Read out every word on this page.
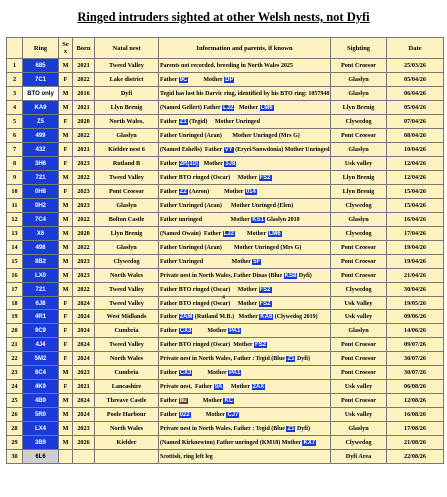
Ringed intruders sighted at other Welsh nests, not Dyfi
	Ring	Se x	Born	Natal nest	Information and parents, if known	Sighting	Date
1	685	M	2021	Tweed Valley	Parents not recorded, breeding in North Wales 2025	Pont Croesor	25/03/26
2	7C1	F	2022	Lake district	Father 9C          Mother DP	Glaslyn	05/04/26
3	BTO only	M	2016	Dyfi	Tegid has lost his Darvic ring, identified by his BTO ring: 1057948	Glaslyn	06/04/26
4	KA9	M	2021	Llyn Brenig	(Named Gellert) Father LJ2   Mother LM6	Llyn Brenig	05/04/26
5	Z5	F	2020	North Wales,	Father Z1 (Tegid)     Mother Unringed	Clywedog	07/04/26
6	499	M	2022	Glaslyn	Father Unringed (Aran)       Mother Unringed (Mrs G)	Pont Croesor	08/04/26
7	432	F	2021	Kielder nest 6	(Named Eshells)  Father VY (Eryri/Snowdonia) Mother Unringed	Glaslyn	10/04/26
8	3H6	F	2023	Rutland B	Father 2R(10)   Mother 3J8	Usk valley	12/04/26
9	721	M	2022	Tweed Valley	Father BTO ringed (Oscar)     Mother FS2	Llyn Brenig	12/04/26
10	0H8	F	2023	Pont Croesor	Father Z2 (Aeron)          Mother 014	Llyn Brenig	15/04/26
11	0H2	M	2023	Glaslyn	Father Unringed (Aran)      Mother Unringed (Elen)	Clywedog	15/04/26
12	7C4	M	2022	Bolton Castle	Father unringed                   Mother KS1 Glaslyn 2018	Glaslyn	16/04/26
13	X6	M	2020	Llyn Brenig	(Named Owain)  Father LJ2        Mother LM6	Clywedog	17/04/26
14	498	M	2022	Glaslyn	Father Unringed (Aran)        Mother Unringed (Mrs G)	Pont Croesor	19/04/26
15	8B2	M	2023	Clywedog	Father Unringed                   Mother 5F	Pont Croesor	19/04/26
16	LX0	M	2023	North Wales	Private nest in North Wales, Father Dinas (Blue KS8 Dyfi)	Pont Croesor	21/04/26
17	721	M	2022	Tweed Valley	Father BTO ringed (Oscar)     Mother FS2	Clywedog	30/04/26
18	6J8	F	2024	Tweed Valley	Father BTO ringed (Oscar)     Mother FS2	Usk Valley	19/05/26
4
19	4R1	F	2024	West Midlands	Father 2AM (Rutland M.B.)   Mother KA6 (Clywedog 2019)	Usk valley	09/06/26
20	9C9	F	2024	Cumbria	Father CX3          Mother PA1	Glaslyn	14/06/26
21	4J4	F	2024	Tweed Valley	Father BTO ringed (Oscar)  Mother FS2	Pont Croesor	09/07/26
22	5M2	F	2024	North Wales	Private nest in North Wales, Father : Tegid (Blue Z1 Dyfi)	Pont Croesor	30/07/26
23	8C4	M	2023	Cumbria	Father CX3          Mother PA1	Pont Croesor	30/07/26
24	4K9	F	2021	Lancashire	Private nest,  Father 9A     Mother 2AX	Usk valley	06/08/26
25	4B9	M	2024	Threave Castle	Father 8u          Mother KC	Pont Croesor	12/08/26
26	5R0	M	2024	Poole Harbour	Father 022          Mother CJ7	Usk valley	16/08/26
28	LX4	M	2023	North Wales	Private nest in North Wales, Father : Tegid (Blue Z1 Dyfi)	Glaslyn	17/08/26
29	3B9	M	2026	Kielder	(Named Kirknewton) Father unringed (KM18) Mother KX7	Clywedog	21/08/26
30	6L6				Scottish, ring left leg	Dyfi Area	22/08/26
